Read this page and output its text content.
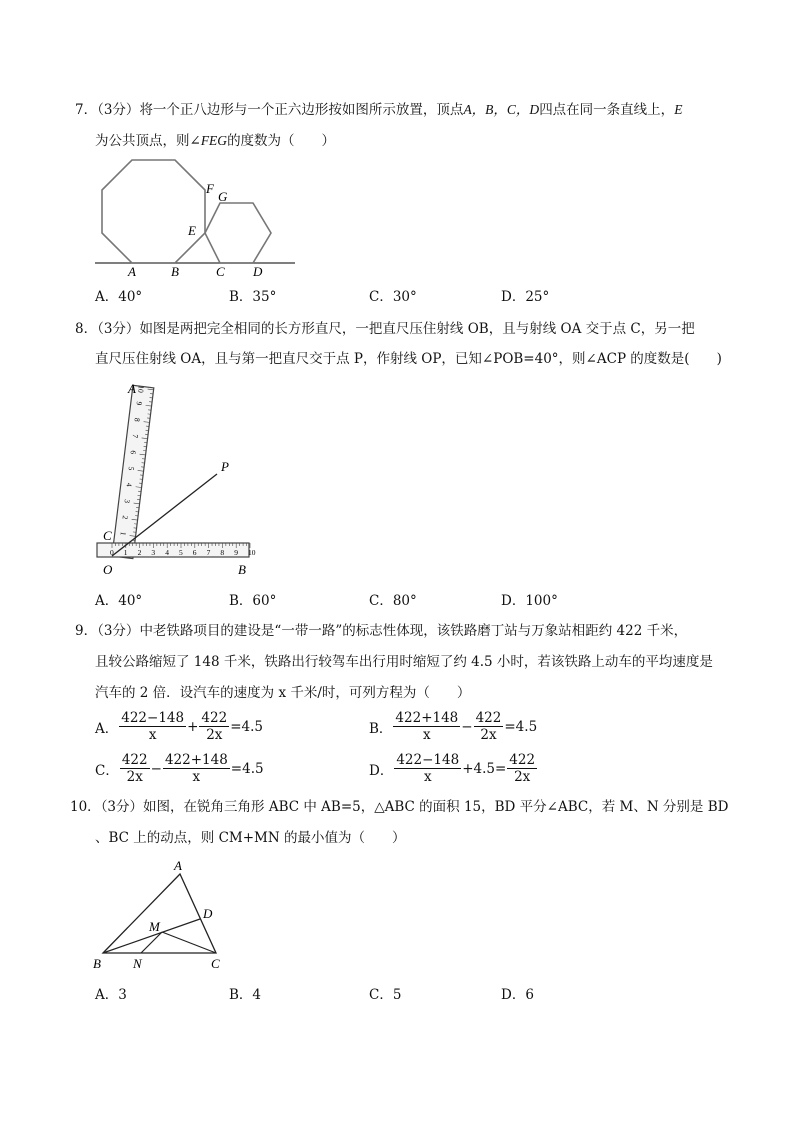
7．（3分）将一个正八边形与一个正六边形按如图所示放置，顶点A，B，C，D四点在同一条直线上，E
为公共顶点，则∠FEG的度数为（　　）
F
G
E
A	B	C D
A．40°	B．35°	C．30°	D．25°
8．（3分）如图是两把完全相同的长方形直尺，一把直尺压住射线 OB，且与射线 OA 交于点 C，另一把
直尺压住射线 OA，且与第一把直尺交于点 P，作射线 OP，已知∠POB=40°，则∠ACP 的度数是(　　)
1
2
3
4
5
6
7
8
9
10
0 1 2 3 4 5 6 7 8 9 10
A
P
C
O	B
A．40°	B．60°	C．80°	D．100°
9．（3分）中老铁路项目的建设是“一带一路”的标志性体现，该铁路磨丁站与万象站相距约 422 千米，
且较公路缩短了 148 千米，铁路出行较驾车出行用时缩短了约 4.5 小时，若该铁路上动车的平均速度是
汽车的 2 倍．设汽车的速度为 x 千米/时，可列方程为（　　）
A． $\frac{422-148}{x} + \frac{422}{2x} =4.5$	B． $\frac{422+148}{x} - \frac{422}{2x} =4.5$
C． $\frac{422}{2x} - \frac{422+148}{x} =4.5$	D． $\frac{422-148}{x} +4.5= \frac{422}{2x}$
10．（3分）如图，在锐角三角形 ABC 中 AB=5，△ABC 的面积 15，BD 平分∠ABC，若 M、N 分别是 BD
、BC 上的动点，则 CM+MN 的最小值为（　　）
A
D
M
B N	C
A．3	B．4	C．5	D．6
